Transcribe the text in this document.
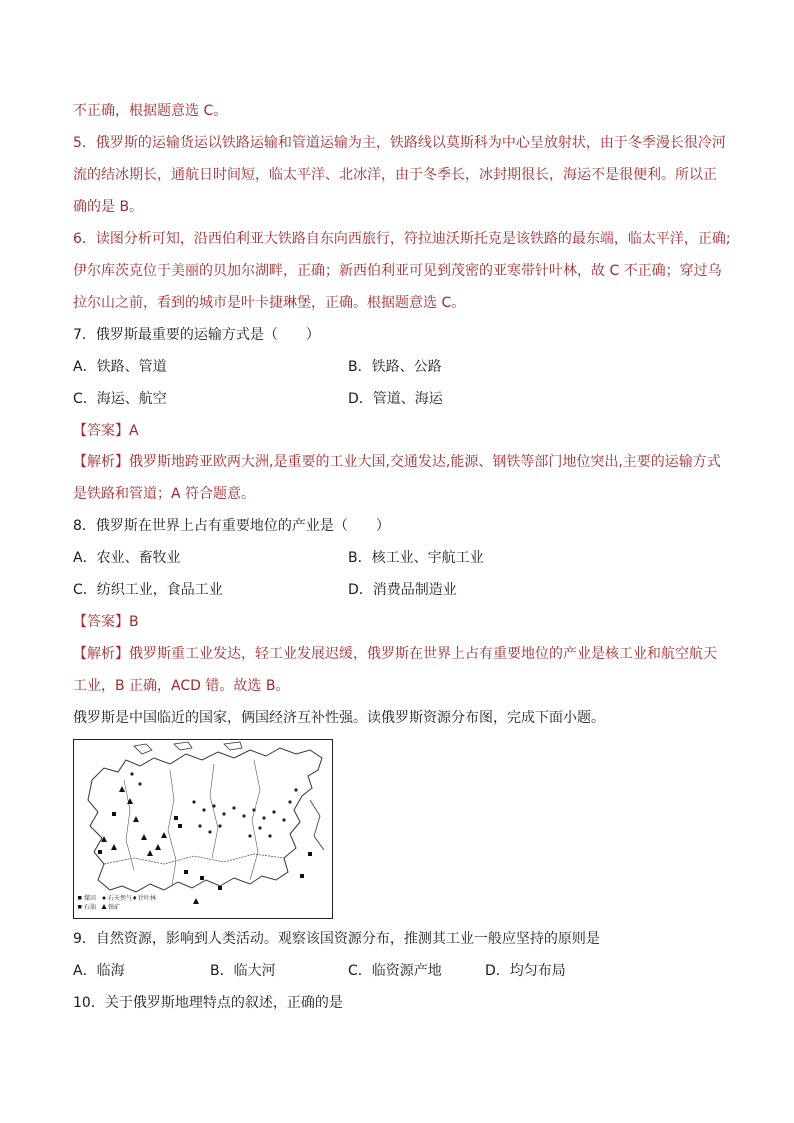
不正确，根据题意选 C。
5．俄罗斯的运输货运以铁路运输和管道运输为主，铁路线以莫斯科为中心呈放射状，由于冬季漫长很冷河
流的结冰期长，通航日时间短，临太平洋、北冰洋，由于冬季长，冰封期很长，海运不是很便利。所以正
确的是 B。
6．读图分析可知，沿西伯利亚大铁路自东向西旅行，符拉迪沃斯托克是该铁路的最东端，临太平洋，正确;
伊尔库茨克位于美丽的贝加尔湖畔，正确；新西伯利亚可见到茂密的亚寒带针叶林，故 C 不正确；穿过乌
拉尔山之前，看到的城市是叶卡捷琳堡，正确。根据题意选 C。
7．俄罗斯最重要的运输方式是（　　）
A．铁路、管道	B．铁路、公路
C．海运、航空	D．管道、海运
【答案】A
【解析】俄罗斯地跨亚欧两大洲,是重要的工业大国,交通发达,能源、钢铁等部门地位突出,主要的运输方式
是铁路和管道；A 符合题意。
8．俄罗斯在世界上占有重要地位的产业是（　　）
A．农业、畜牧业	B．核工业、宇航工业
C．纺织工业，食品工业	D．消费品制造业
【答案】B
【解析】俄罗斯重工业发达，轻工业发展迟缓，俄罗斯在世界上占有重要地位的产业是核工业和航空航天
工业，B 正确，ACD 错。故选 B。
俄罗斯是中国临近的国家，俩国经济互补性强。读俄罗斯资源分布图，完成下面小题。
煤田 石天然气 ♦ 针叶林
石油 铁矿
9．自然资源，影响到人类活动。观察该国资源分布，推测其工业一般应坚持的原则是
A．临海	B．临大河	C．临资源产地	D．均匀布局
10．关于俄罗斯地理特点的叙述，正确的是
